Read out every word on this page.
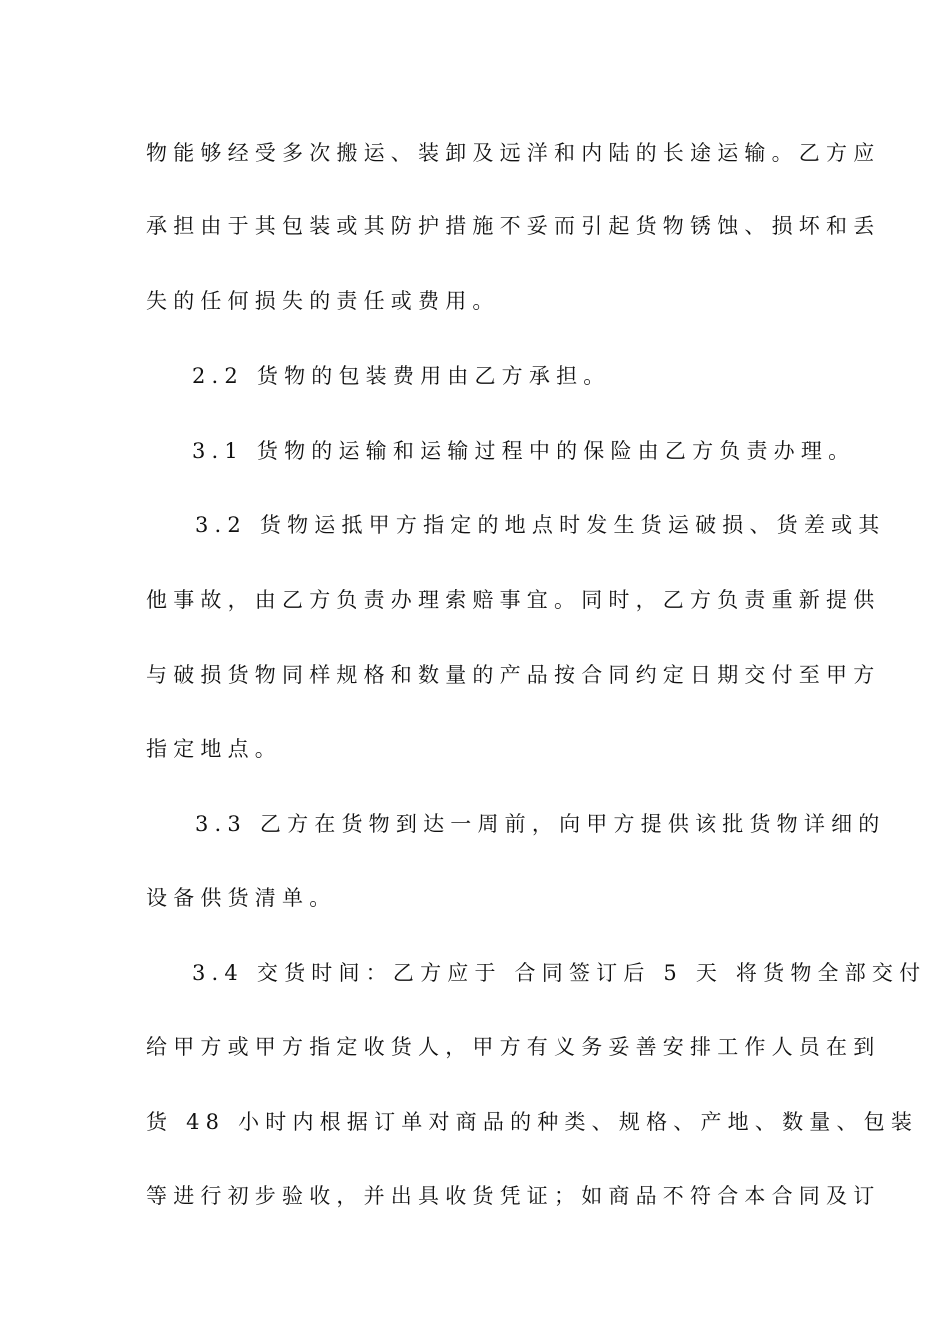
物能够经受多次搬运、装卸及远洋和内陆的长途运输。乙方应
承担由于其包装或其防护措施不妥而引起货物锈蚀、损坏和丢
失的任何损失的责任或费用。
2.2 货物的包装费用由乙方承担。
3.1 货物的运输和运输过程中的保险由乙方负责办理。
3.2 货物运抵甲方指定的地点时发生货运破损、货差或其
他事故，由乙方负责办理索赔事宜。同时，乙方负责重新提供
与破损货物同样规格和数量的产品按合同约定日期交付至甲方
指定地点。
3.3 乙方在货物到达一周前，向甲方提供该批货物详细的
设备供货清单。
3.4 交货时间：乙方应于 合同签订后 5 天 将货物全部交付
给甲方或甲方指定收货人，甲方有义务妥善安排工作人员在到
货 48 小时内根据订单对商品的种类、规格、产地、数量、包装
等进行初步验收，并出具收货凭证；如商品不符合本合同及订
